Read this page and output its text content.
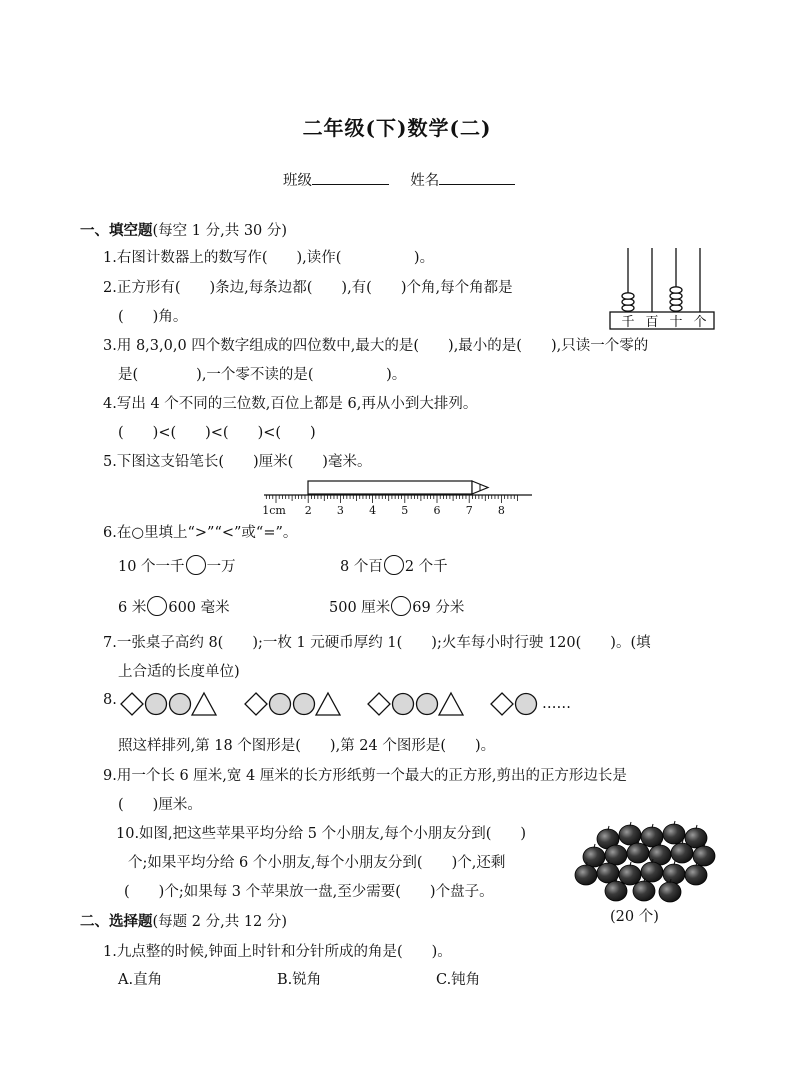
二年级(下)数学(二)
班级	姓名
一、填空题(每空 1 分,共 30 分)
1.右图计数器上的数写作(　　),读作(　　　　　)。
2.正方形有(　　)条边,每条边都(　　),有(　　)个角,每个角都是
(　　)角。	千 百 十 个
3.用 8,3,0,0 四个数字组成的四位数中,最大的是(　　),最小的是(　　),只读一个零的
是(　　　　),一个零不读的是(　　　　　)。
4.写出 4 个不同的三位数,百位上都是 6,再从小到大排列。
(　　)<(　　)<(　　)<(　　)
5.下图这支铅笔长(　　)厘米(　　)毫米。
1cm 2 3 4 5 6 7 8
6.在○里填上“>”“<”或“=”。
10 个一千 一万	8 个百 2 个千
6 米 600 毫米	500 厘米 69 分米
7.一张桌子高约 8(　　);一枚 1 元硬币厚约 1(　　);火车每小时行驶 120(　　)。(填
上合适的长度单位)
8.	……
照这样排列,第 18 个图形是(　　),第 24 个图形是(　　)。
9.用一个长 6 厘米,宽 4 厘米的长方形纸剪一个最大的正方形,剪出的正方形边长是
(　　)厘米。
10.如图,把这些苹果平均分给 5 个小朋友,每个小朋友分到(　　)
个;如果平均分给 6 个小朋友,每个小朋友分到(　　)个,还剩
(　　)个;如果每 3 个苹果放一盘,至少需要(　　)个盘子。
(20 个)
二、选择题(每题 2 分,共 12 分)
1.九点整的时候,钟面上时针和分针所成的角是(　　)。
A.直角	B.锐角	C.钝角
